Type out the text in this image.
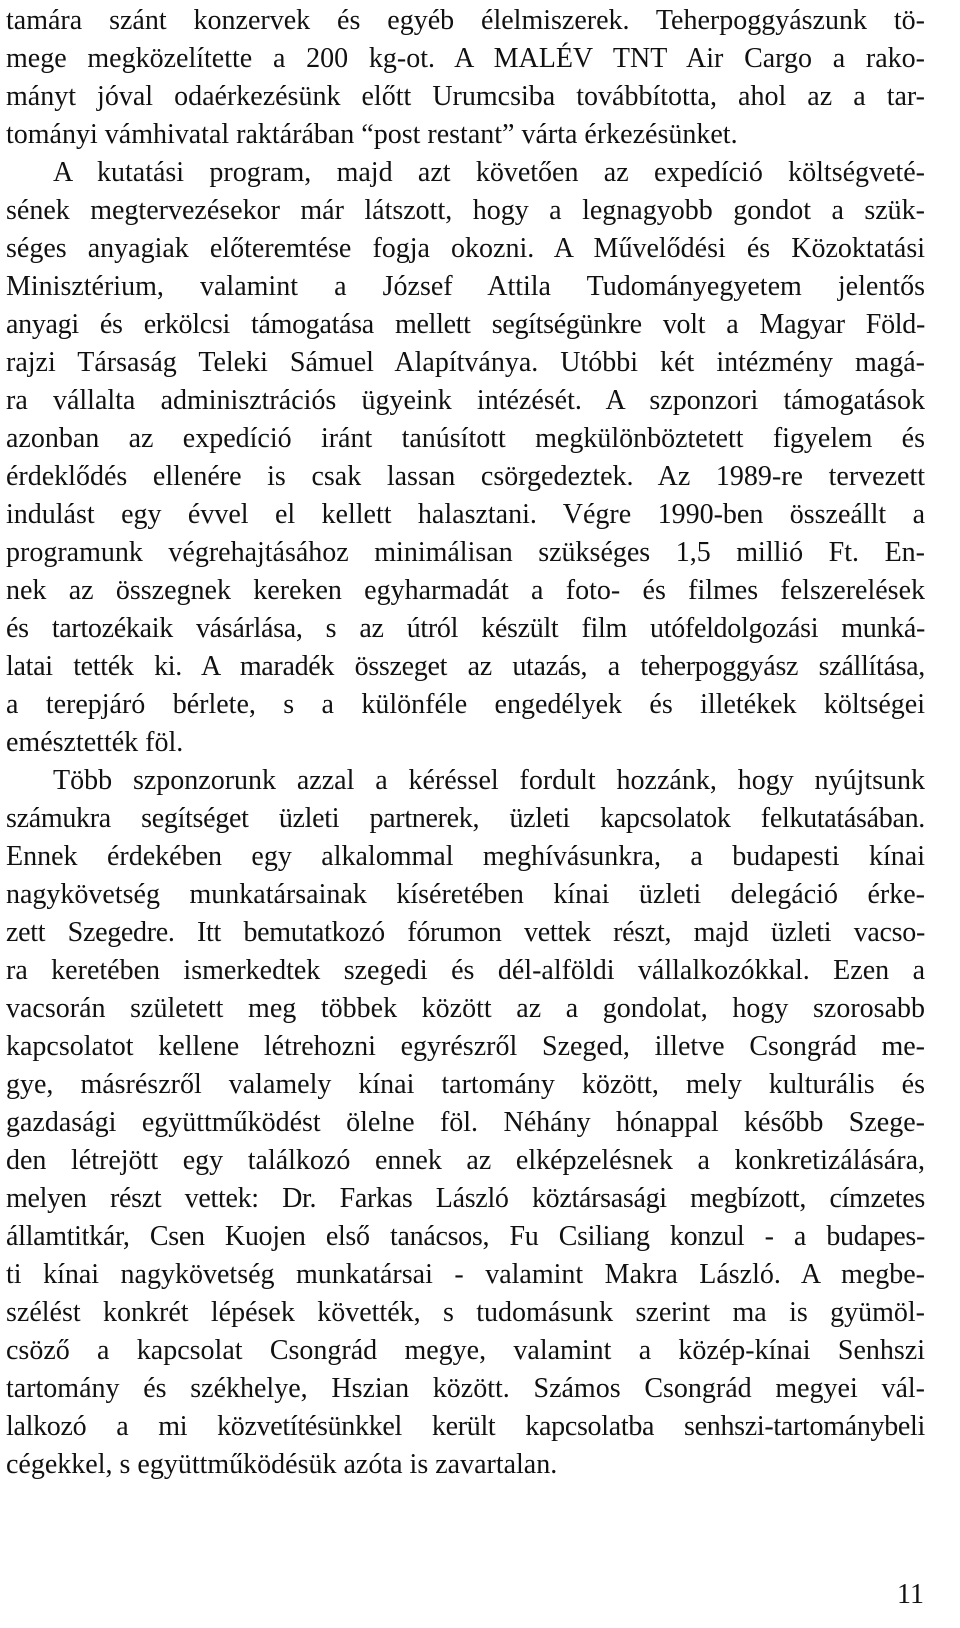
tamára szánt konzervek és egyéb élelmiszerek. Teherpoggyászunk tö-
mege megközelítette a 200 kg-ot. A MALÉV TNT Air Cargo a rako-
mányt jóval odaérkezésünk előtt Urumcsiba továbbította, ahol az a tar-
tományi vámhivatal raktárában “post restant” várta érkezésünket.
A kutatási program, majd azt követően az expedíció költségveté-
sének megtervezésekor már látszott, hogy a legnagyobb gondot a szük-
séges anyagiak előteremtése fogja okozni. A Művelődési és Közoktatási
Minisztérium, valamint a József Attila Tudományegyetem jelentős
anyagi és erkölcsi támogatása mellett segítségünkre volt a Magyar Föld-
rajzi Társaság Teleki Sámuel Alapítványa. Utóbbi két intézmény magá-
ra vállalta adminisztrációs ügyeink intézését. A szponzori támogatások
azonban az expedíció iránt tanúsított megkülönböztetett figyelem és
érdeklődés ellenére is csak lassan csörgedeztek. Az 1989-re tervezett
indulást egy évvel el kellett halasztani. Végre 1990-ben összeállt a
programunk végrehajtásához minimálisan szükséges 1,5 millió Ft. En-
nek az összegnek kereken egyharmadát a foto- és filmes felszerelések
és tartozékaik vásárlása, s az útról készült film utófeldolgozási munká-
latai tették ki. A maradék összeget az utazás, a teherpoggyász szállítása,
a terepjáró bérlete, s a különféle engedélyek és illetékek költségei
emésztették föl.
Több szponzorunk azzal a kéréssel fordult hozzánk, hogy nyújtsunk
számukra segítséget üzleti partnerek, üzleti kapcsolatok felkutatásában.
Ennek érdekében egy alkalommal meghívásunkra, a budapesti kínai
nagykövetség munkatársainak kíséretében kínai üzleti delegáció érke-
zett Szegedre. Itt bemutatkozó fórumon vettek részt, majd üzleti vacso-
ra keretében ismerkedtek szegedi és dél-alföldi vállalkozókkal. Ezen a
vacsorán született meg többek között az a gondolat, hogy szorosabb
kapcsolatot kellene létrehozni egyrészről Szeged, illetve Csongrád me-
gye, másrészről valamely kínai tartomány között, mely kulturális és
gazdasági együttműködést ölelne föl. Néhány hónappal később Szege-
den létrejött egy találkozó ennek az elképzelésnek a konkretizálására,
melyen részt vettek: Dr. Farkas László köztársasági megbízott, címzetes
államtitkár, Csen Kuojen első tanácsos, Fu Csiliang konzul - a budapes-
ti kínai nagykövetség munkatársai - valamint Makra László. A megbe-
szélést konkrét lépések követték, s tudomásunk szerint ma is gyümöl-
csöző a kapcsolat Csongrád megye, valamint a közép-kínai Senhszi
tartomány és székhelye, Hszian között. Számos Csongrád megyei vál-
lalkozó a mi közvetítésünkkel került kapcsolatba senhszi-tartománybeli
cégekkel, s együttműködésük azóta is zavartalan.
11
